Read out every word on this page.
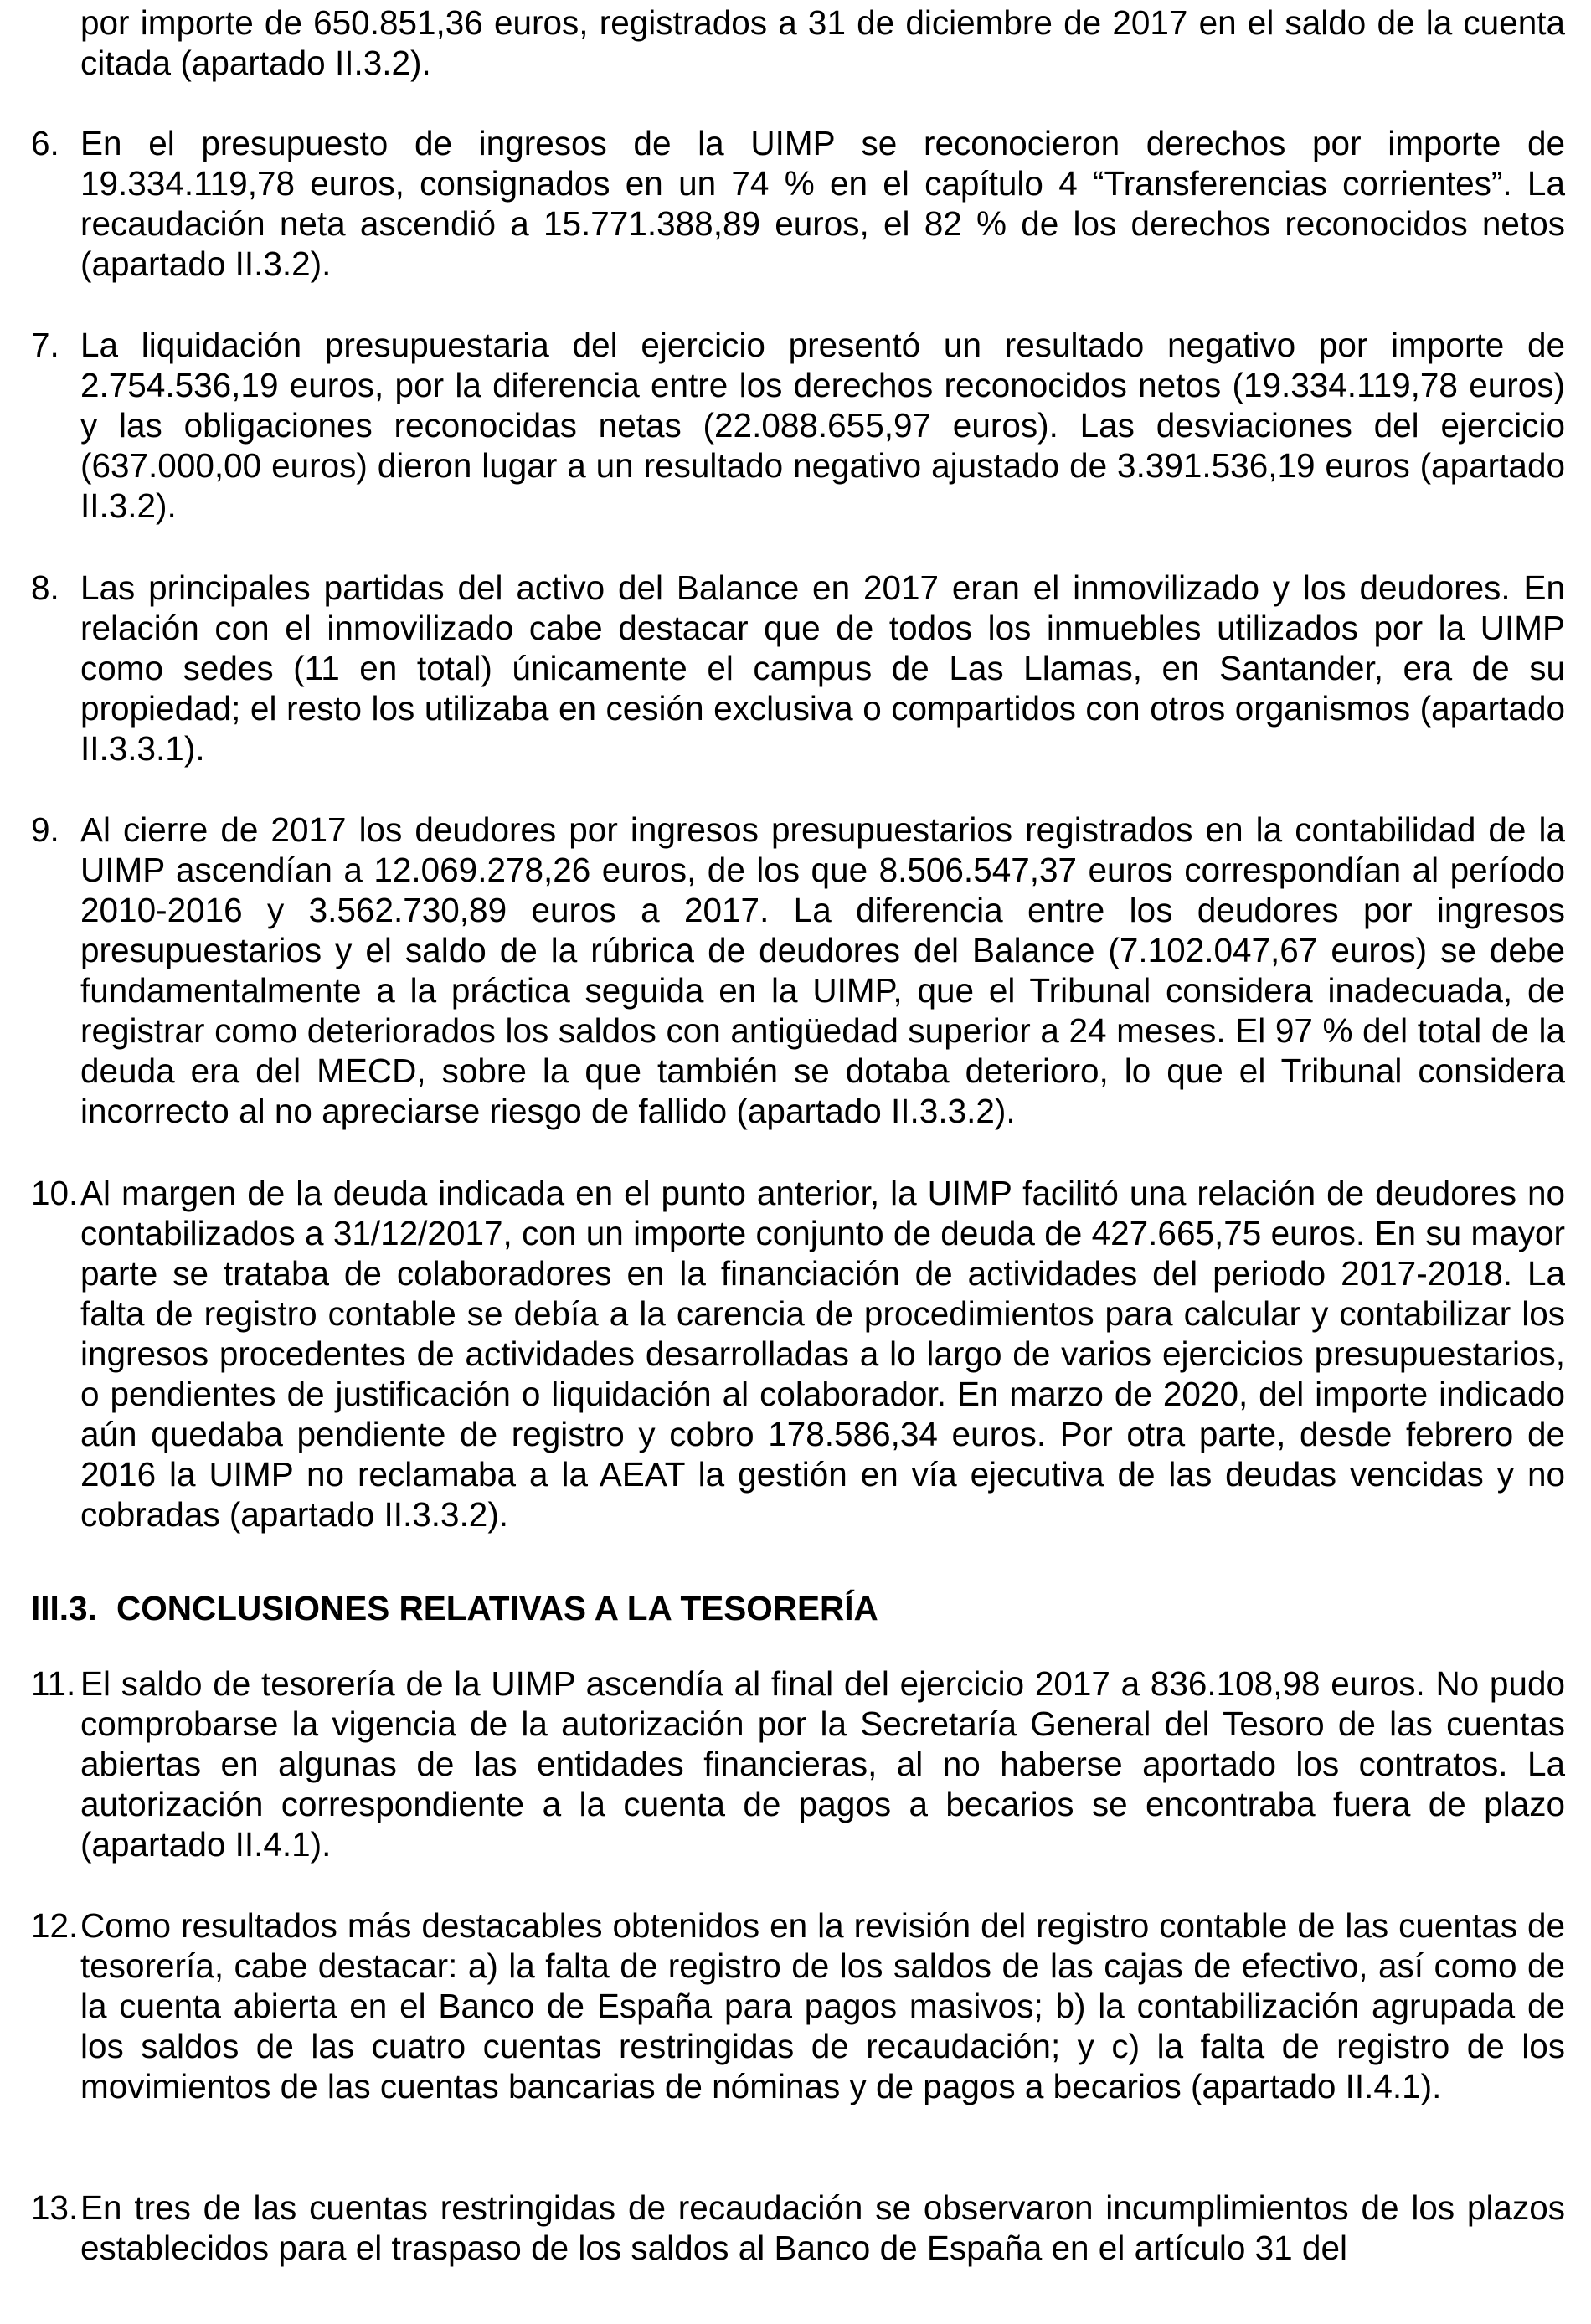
por importe de 650.851,36 euros, registrados a 31 de diciembre de 2017 en el saldo de la cuenta citada (apartado II.3.2).

6. En el presupuesto de ingresos de la UIMP se reconocieron derechos por importe de 19.334.119,78 euros, consignados en un 74 % en el capítulo 4 “Transferencias corrientes”. La recaudación neta ascendió a 15.771.388,89 euros, el 82 % de los derechos reconocidos netos (apartado II.3.2).

7. La liquidación presupuestaria del ejercicio presentó un resultado negativo por importe de 2.754.536,19 euros, por la diferencia entre los derechos reconocidos netos (19.334.119,78 euros) y las obligaciones reconocidas netas (22.088.655,97 euros). Las desviaciones del ejercicio (637.000,00 euros) dieron lugar a un resultado negativo ajustado de 3.391.536,19 euros (apartado II.3.2).

8. Las principales partidas del activo del Balance en 2017 eran el inmovilizado y los deudores. En relación con el inmovilizado cabe destacar que de todos los inmuebles utilizados por la UIMP como sedes (11 en total) únicamente el campus de Las Llamas, en Santander, era de su propiedad; el resto los utilizaba en cesión exclusiva o compartidos con otros organismos (apartado II.3.3.1).

9. Al cierre de 2017 los deudores por ingresos presupuestarios registrados en la contabilidad de la UIMP ascendían a 12.069.278,26 euros, de los que 8.506.547,37 euros correspondían al período 2010-2016 y 3.562.730,89 euros a 2017. La diferencia entre los deudores por ingresos presupuestarios y el saldo de la rúbrica de deudores del Balance (7.102.047,67 euros) se debe fundamentalmente a la práctica seguida en la UIMP, que el Tribunal considera inadecuada, de registrar como deteriorados los saldos con antigüedad superior a 24 meses. El 97 % del total de la deuda era del MECD, sobre la que también se dotaba deterioro, lo que el Tribunal considera incorrecto al no apreciarse riesgo de fallido (apartado II.3.3.2).

10. Al margen de la deuda indicada en el punto anterior, la UIMP facilitó una relación de deudores no contabilizados a 31/12/2017, con un importe conjunto de deuda de 427.665,75 euros. En su mayor parte se trataba de colaboradores en la financiación de actividades del periodo 2017-2018. La falta de registro contable se debía a la carencia de procedimientos para calcular y contabilizar los ingresos procedentes de actividades desarrolladas a lo largo de varios ejercicios presupuestarios, o pendientes de justificación o liquidación al colaborador. En marzo de 2020, del importe indicado aún quedaba pendiente de registro y cobro 178.586,34 euros. Por otra parte, desde febrero de 2016 la UIMP no reclamaba a la AEAT la gestión en vía ejecutiva de las deudas vencidas y no cobradas (apartado II.3.3.2).

III.3. CONCLUSIONES RELATIVAS A LA TESORERÍA
11. El saldo de tesorería de la UIMP ascendía al final del ejercicio 2017 a 836.108,98 euros. No pudo comprobarse la vigencia de la autorización por la Secretaría General del Tesoro de las cuentas abiertas en algunas de las entidades financieras, al no haberse aportado los contratos. La autorización correspondiente a la cuenta de pagos a becarios se encontraba fuera de plazo (apartado II.4.1).

12. Como resultados más destacables obtenidos en la revisión del registro contable de las cuentas de tesorería, cabe destacar: a) la falta de registro de los saldos de las cajas de efectivo, así como de la cuenta abierta en el Banco de España para pagos masivos; b) la contabilización agrupada de los saldos de las cuatro cuentas restringidas de recaudación; y c) la falta de registro de los movimientos de las cuentas bancarias de nóminas y de pagos a becarios (apartado II.4.1).

13. En tres de las cuentas restringidas de recaudación se observaron incumplimientos de los plazos establecidos para el traspaso de los saldos al Banco de España en el artículo 31 del
